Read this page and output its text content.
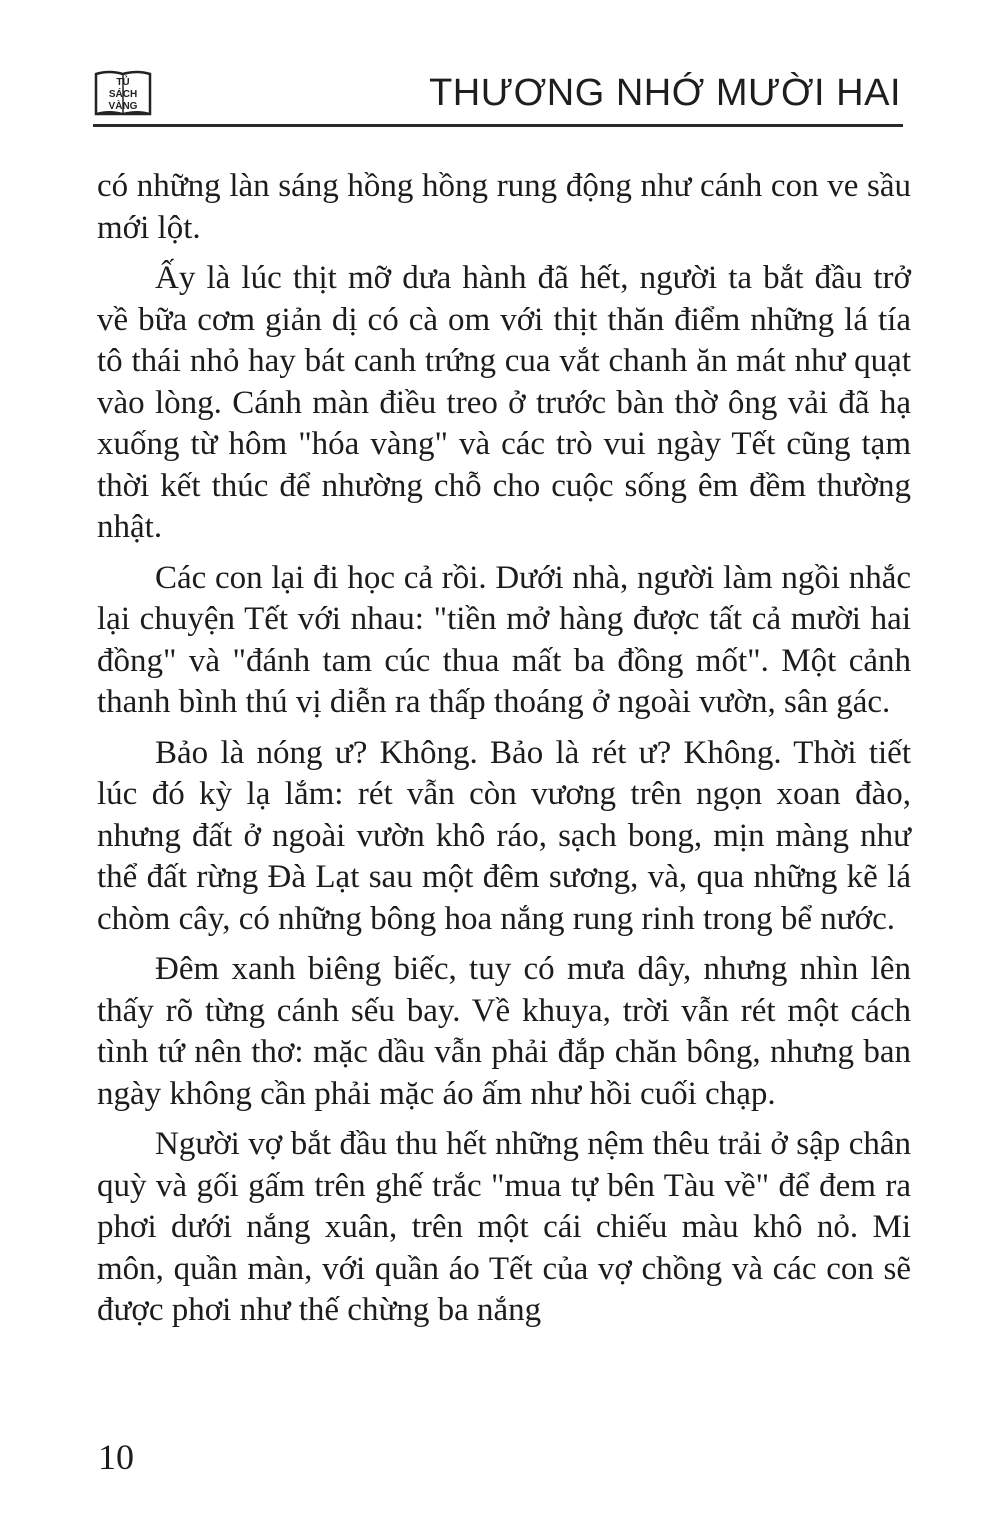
TỦ
SÁCH
VÀNG	THƯƠNG NHỚ MƯỜI HAI

có những làn sáng hồng hồng rung động như cánh con ve sầu mới lột.

Ấy là lúc thịt mỡ dưa hành đã hết, người ta bắt đầu trở về bữa cơm giản dị có cà om với thịt thăn điểm những lá tía tô thái nhỏ hay bát canh trứng cua vắt chanh ăn mát như quạt vào lòng. Cánh màn điều treo ở trước bàn thờ ông vải đã hạ xuống từ hôm "hóa vàng" và các trò vui ngày Tết cũng tạm thời kết thúc để nhường chỗ cho cuộc sống êm đềm thường nhật.

Các con lại đi học cả rồi. Dưới nhà, người làm ngồi nhắc lại chuyện Tết với nhau: "tiền mở hàng được tất cả mười hai đồng" và "đánh tam cúc thua mất ba đồng mốt". Một cảnh thanh bình thú vị diễn ra thấp thoáng ở ngoài vườn, sân gác.

Bảo là nóng ư? Không. Bảo là rét ư? Không. Thời tiết lúc đó kỳ lạ lắm: rét vẫn còn vương trên ngọn xoan đào, nhưng đất ở ngoài vườn khô ráo, sạch bong, mịn màng như thể đất rừng Đà Lạt sau một đêm sương, và, qua những kẽ lá chòm cây, có những bông hoa nắng rung rinh trong bể nước.

Đêm xanh biêng biếc, tuy có mưa dây, nhưng nhìn lên thấy rõ từng cánh sếu bay. Về khuya, trời vẫn rét một cách tình tứ nên thơ: mặc dầu vẫn phải đắp chăn bông, nhưng ban ngày không cần phải mặc áo ấm như hồi cuối chạp.

Người vợ bắt đầu thu hết những nệm thêu trải ở sập chân quỳ và gối gấm trên ghế trắc "mua tự bên Tàu về" để đem ra phơi dưới nắng xuân, trên một cái chiếu màu khô nỏ. Mi môn, quần màn, với quần áo Tết của vợ chồng và các con sẽ được phơi như thế chừng ba nắng

10
